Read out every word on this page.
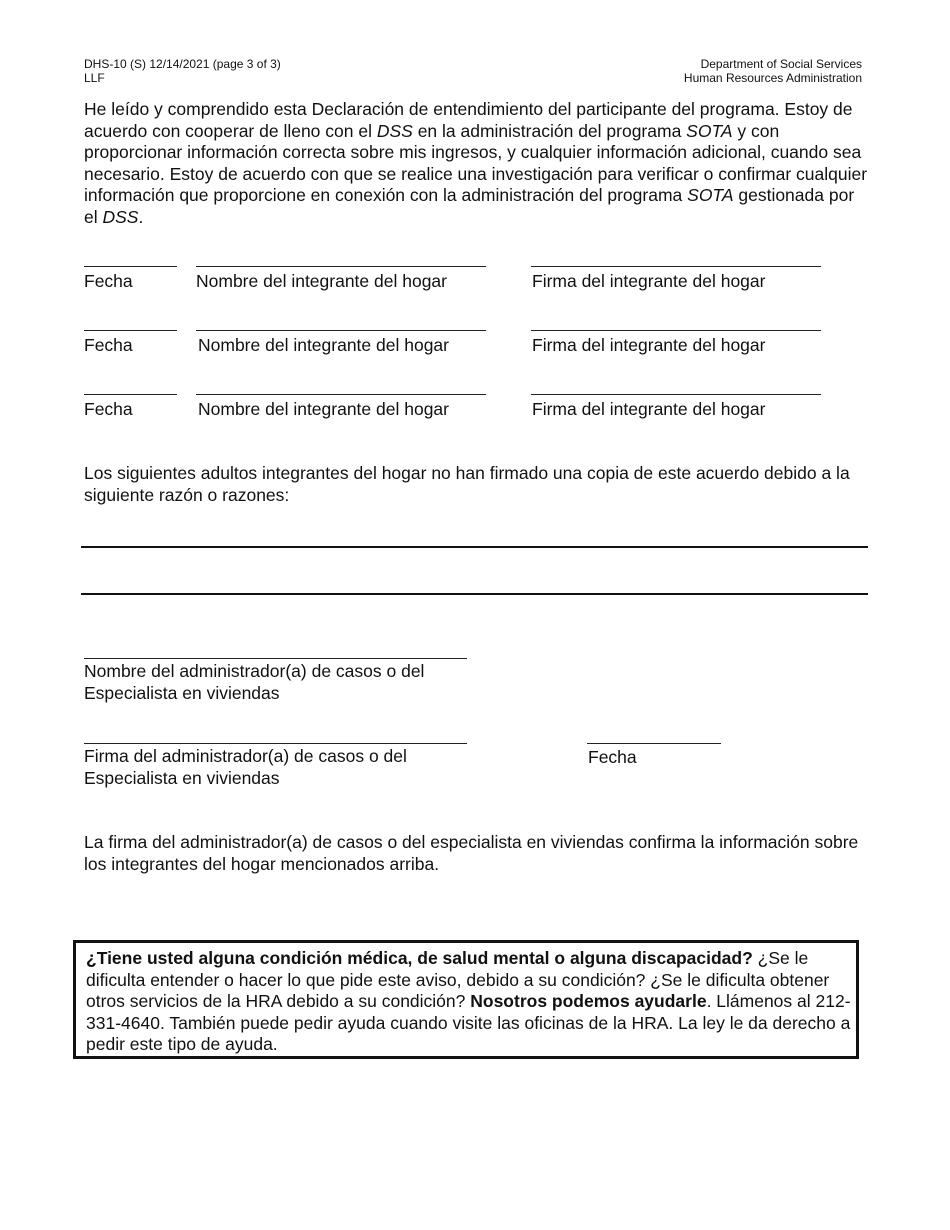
DHS-10 (S) 12/14/2021 (page 3 of 3)
LLF
Department of Social Services
Human Resources Administration
He leído y comprendido esta Declaración de entendimiento del participante del programa. Estoy de acuerdo con cooperar de lleno con el DSS en la administración del programa SOTA y con proporcionar información correcta sobre mis ingresos, y cualquier información adicional, cuando sea necesario. Estoy de acuerdo con que se realice una investigación para verificar o confirmar cualquier información que proporcione en conexión con la administración del programa SOTA gestionada por el DSS.
Fecha	Nombre del integrante del hogar	Firma del integrante del hogar
Fecha	Nombre del integrante del hogar	Firma del integrante del hogar
Fecha	Nombre del integrante del hogar	Firma del integrante del hogar
Los siguientes adultos integrantes del hogar no han firmado una copia de este acuerdo debido a la siguiente razón o razones:
Nombre del administrador(a) de casos o del
Especialista en viviendas
Firma del administrador(a) de casos o del
Especialista en viviendas
Fecha
La firma del administrador(a) de casos o del especialista en viviendas confirma la información sobre los integrantes del hogar mencionados arriba.
¿Tiene usted alguna condición médica, de salud mental o alguna discapacidad? ¿Se le dificulta entender o hacer lo que pide este aviso, debido a su condición? ¿Se le dificulta obtener otros servicios de la HRA debido a su condición? Nosotros podemos ayudarle. Llámenos al 212-331-4640. También puede pedir ayuda cuando visite las oficinas de la HRA. La ley le da derecho a pedir este tipo de ayuda.
